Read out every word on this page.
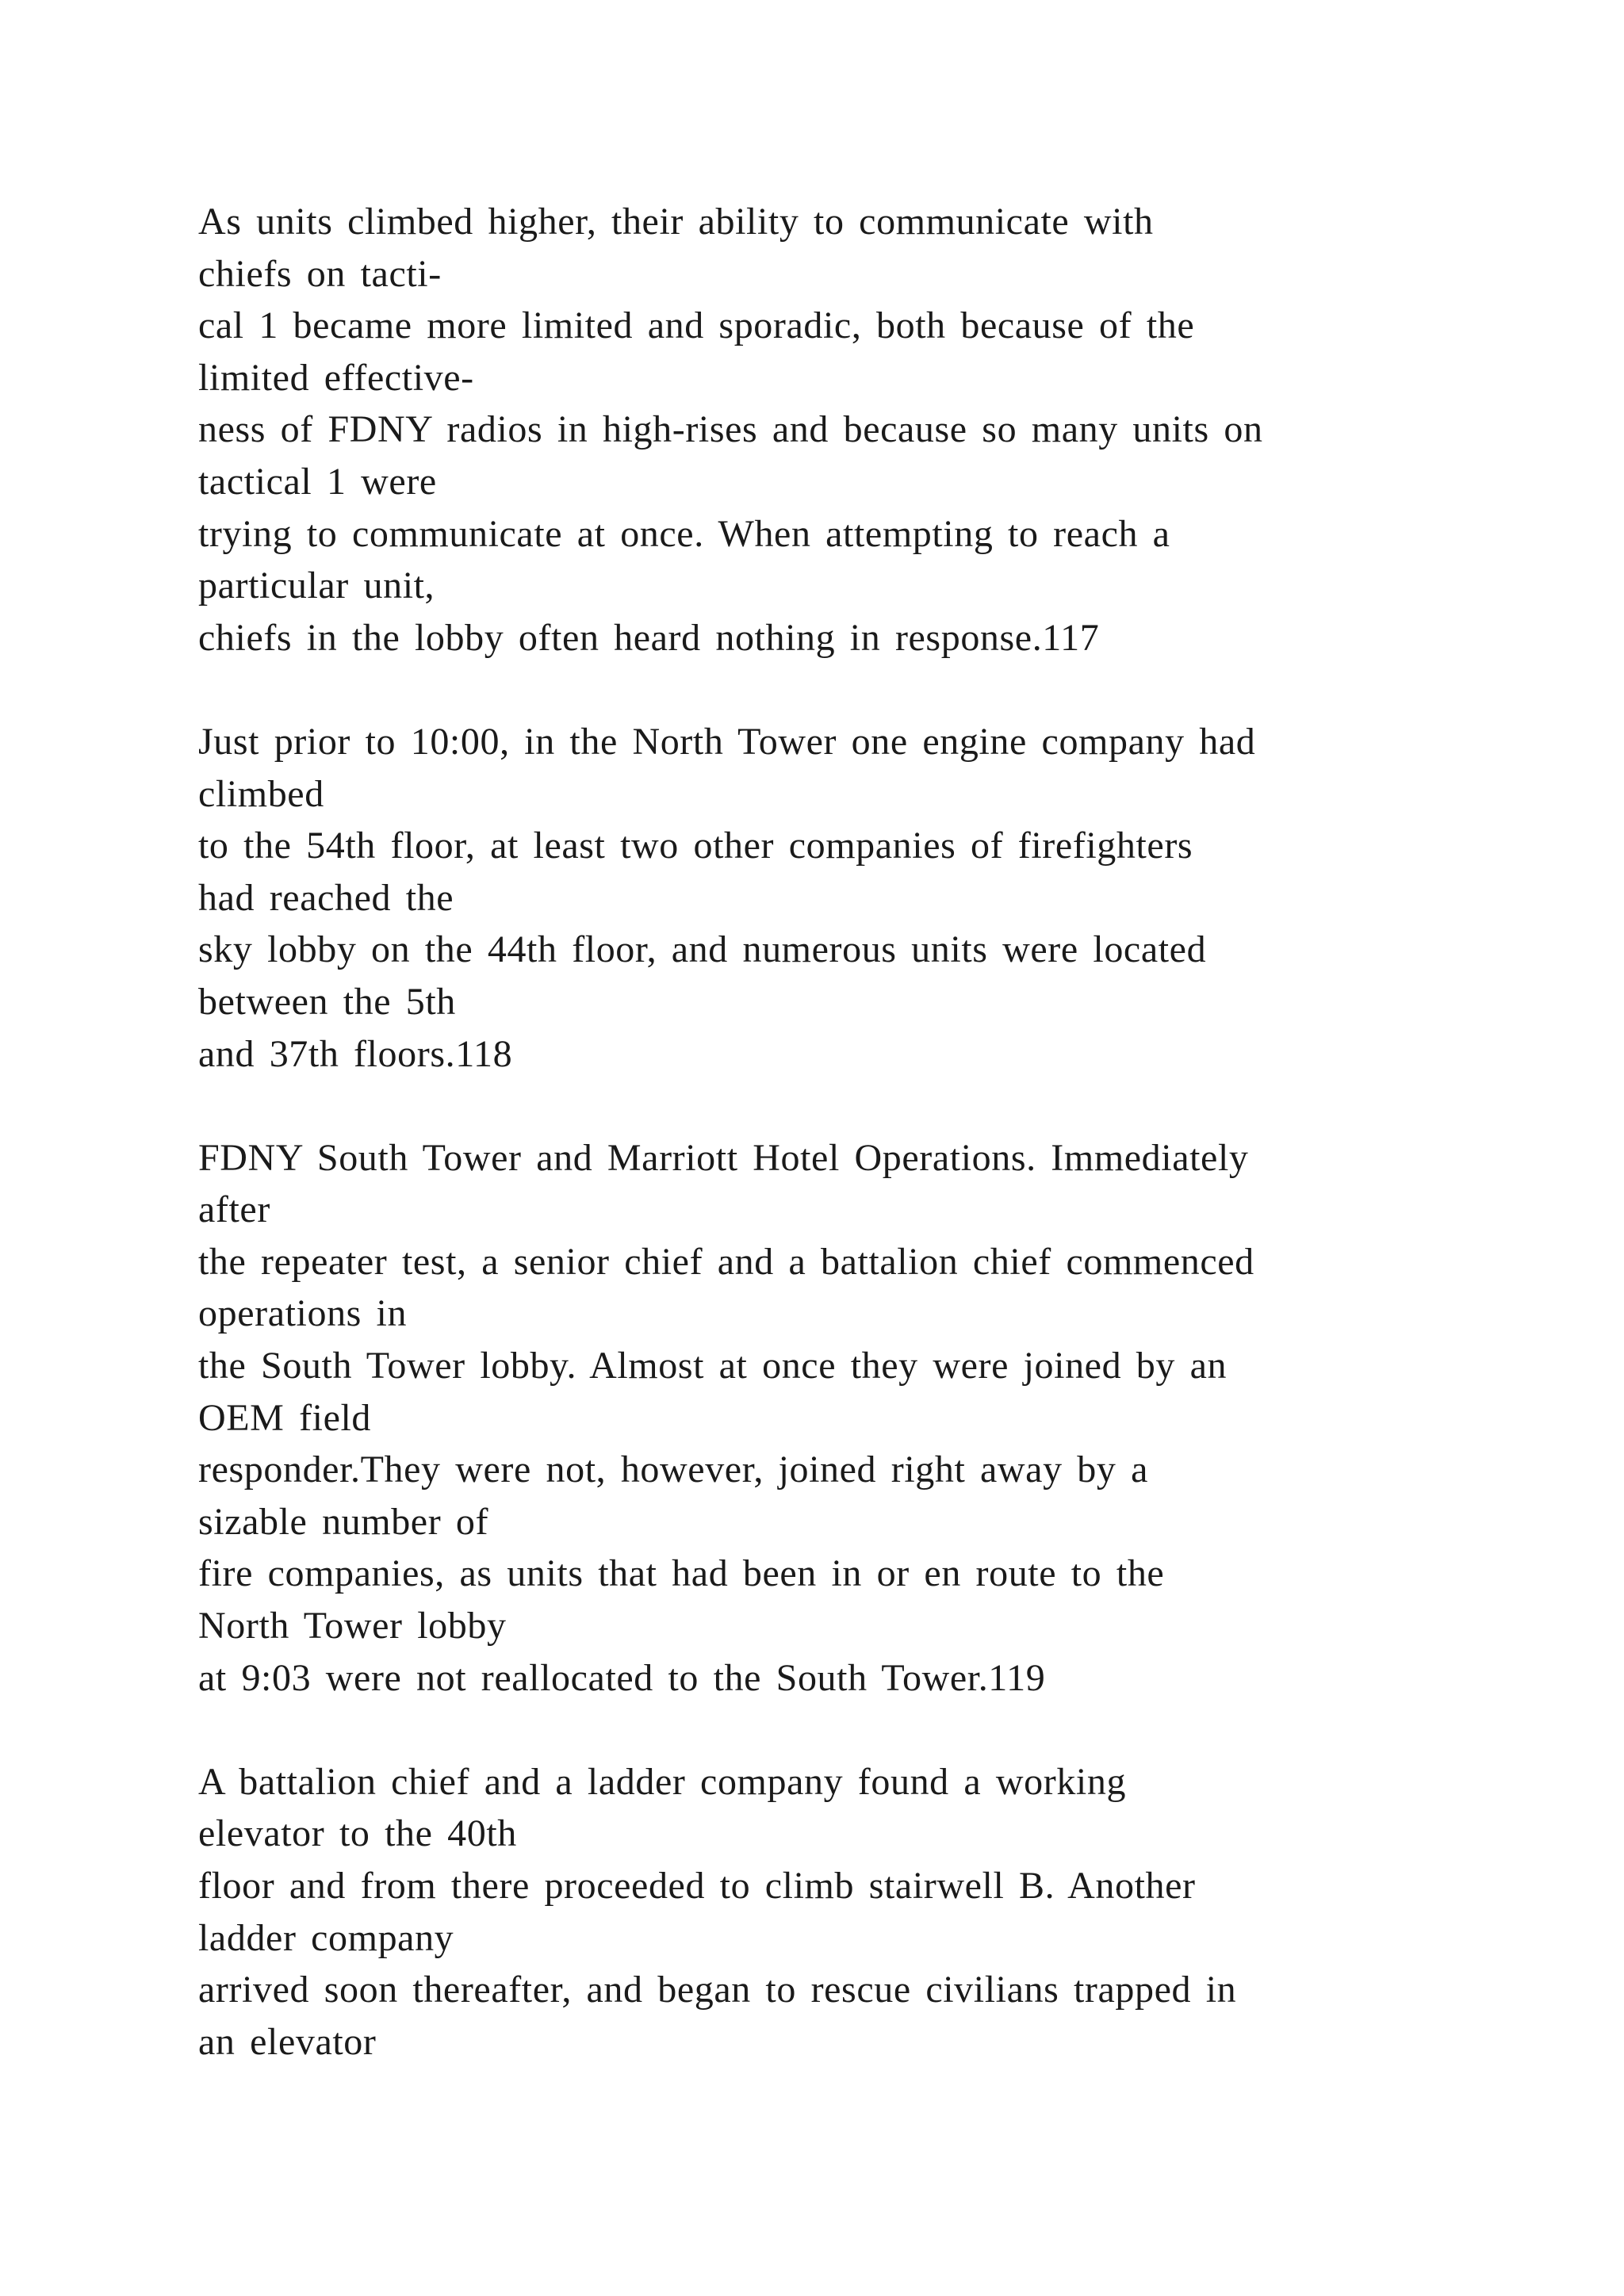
As units climbed higher, their ability to communicate with
chiefs on tacti-
cal 1 became more limited and sporadic, both because of the
limited effective-
ness of FDNY radios in high-rises and because so many units on
tactical 1 were
trying to communicate at once. When attempting to reach a
particular unit,
chiefs in the lobby often heard nothing in response.117

Just prior to 10:00, in the North Tower one engine company had
climbed
to the 54th floor, at least two other companies of firefighters
had reached the
sky lobby on the 44th floor, and numerous units were located
between the 5th
and 37th floors.118

FDNY South Tower and Marriott Hotel Operations. Immediately
after
the repeater test, a senior chief and a battalion chief commenced
operations in
the South Tower lobby. Almost at once they were joined by an
OEM field
responder.They were not, however, joined right away by a
sizable number of
fire companies, as units that had been in or en route to the
North Tower lobby
at 9:03 were not reallocated to the South Tower.119

A battalion chief and a ladder company found a working
elevator to the 40th
floor and from there proceeded to climb stairwell B. Another
ladder company
arrived soon thereafter, and began to rescue civilians trapped in
an elevator
